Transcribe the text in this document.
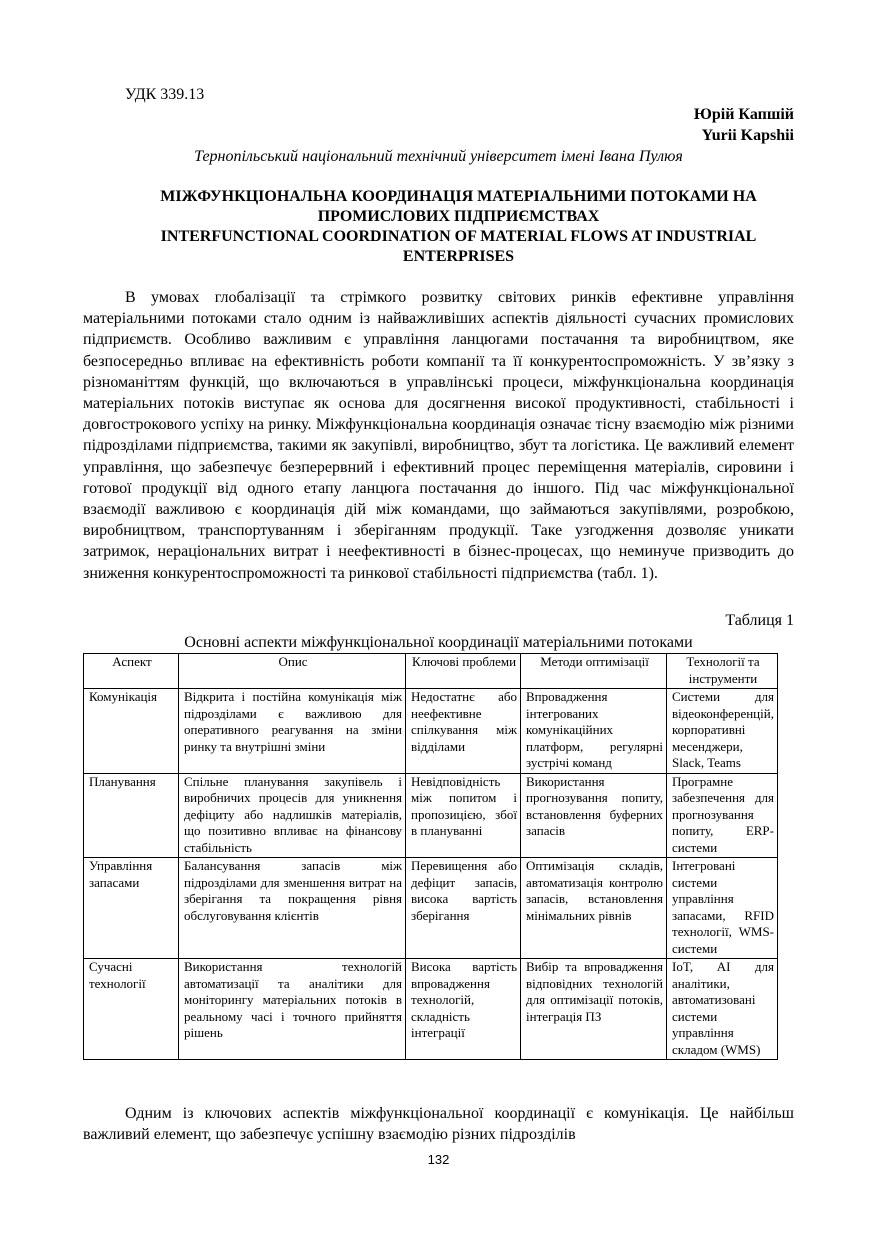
УДК 339.13
Юрій Капшій
Yurii Kapshii
Тернопільський національний технічний університет імені Івана Пулюя
МІЖФУНКЦІОНАЛЬНА КООРДИНАЦІЯ МАТЕРІАЛЬНИМИ ПОТОКАМИ НА
ПРОМИСЛОВИХ ПІДПРИЄМСТВАХ
INTERFUNCTIONAL COORDINATION OF MATERIAL FLOWS AT INDUSTRIAL
ENTERPRISES

В умовах глобалізації та стрімкого розвитку світових ринків ефективне управління матеріальними потоками стало одним із найважливіших аспектів діяльності сучасних промислових підприємств. Особливо важливим є управління ланцюгами постачання та виробництвом, яке безпосередньо впливає на ефективність роботи компанії та її конкурентоспроможність. У зв’язку з різноманіттям функцій, що включаються в управлінські процеси, міжфункціональна координація матеріальних потоків виступає як основа для досягнення високої продуктивності, стабільності і довгострокового успіху на ринку. Міжфункціональна координація означає тісну взаємодію між різними підрозділами підприємства, такими як закупівлі, виробництво, збут та логістика. Це важливий елемент управління, що забезпечує безперервний і ефективний процес переміщення матеріалів, сировини і готової продукції від одного етапу ланцюга постачання до іншого. Під час міжфункціональної взаємодії важливою є координація дій між командами, що займаються закупівлями, розробкою, виробництвом, транспортуванням і зберіганням продукції. Таке узгодження дозволяє уникати затримок, нераціональних витрат і неефективності в бізнес-процесах, що неминуче призводить до зниження конкурентоспроможності та ринкової стабільності підприємства (табл. 1).

Таблиця 1
Основні аспекти міжфункціональної координації матеріальними потоками
Аспект	Опис	Ключові проблеми	Методи оптимізації	Технології та інструменти
Комунікація	Відкрита і постійна комунікація між підрозділами є важливою для оперативного реагування на зміни ринку та внутрішні зміни	Недостатнє або неефективне спілкування між відділами	Впровадження інтегрованих комунікаційних платформ, регулярні зустрічі команд	Системи для відеоконференцій, корпоративні месенджери, Slack, Teams
Планування	Спільне планування закупівель і виробничих процесів для уникнення дефіциту або надлишків матеріалів, що позитивно впливає на фінансову стабільність	Невідповідність між попитом і пропозицією, збої в плануванні	Використання прогнозування попиту, встановлення буферних запасів	Програмне забезпечення для прогнозування попиту, ERP-системи
Управління запасами	Балансування запасів між підрозділами для зменшення витрат на зберігання та покращення рівня обслуговування клієнтів	Перевищення або дефіцит запасів, висока вартість зберігання	Оптимізація складів, автоматизація контролю запасів, встановлення мінімальних рівнів	Інтегровані системи управління запасами, RFID технології, WMS-системи
Сучасні технології	Використання технологій автоматизації та аналітики для моніторингу матеріальних потоків в реальному часі і точного прийняття рішень	Висока вартість впровадження технологій, складність інтеграції	Вибір та впровадження відповідних технологій для оптимізації потоків, інтеграція ПЗ	IoT, AI для аналітики, автоматизовані системи управління складом (WMS)

Одним із ключових аспектів міжфункціональної координації є комунікація. Це найбільш важливий елемент, що забезпечує успішну взаємодію різних підрозділів

132
